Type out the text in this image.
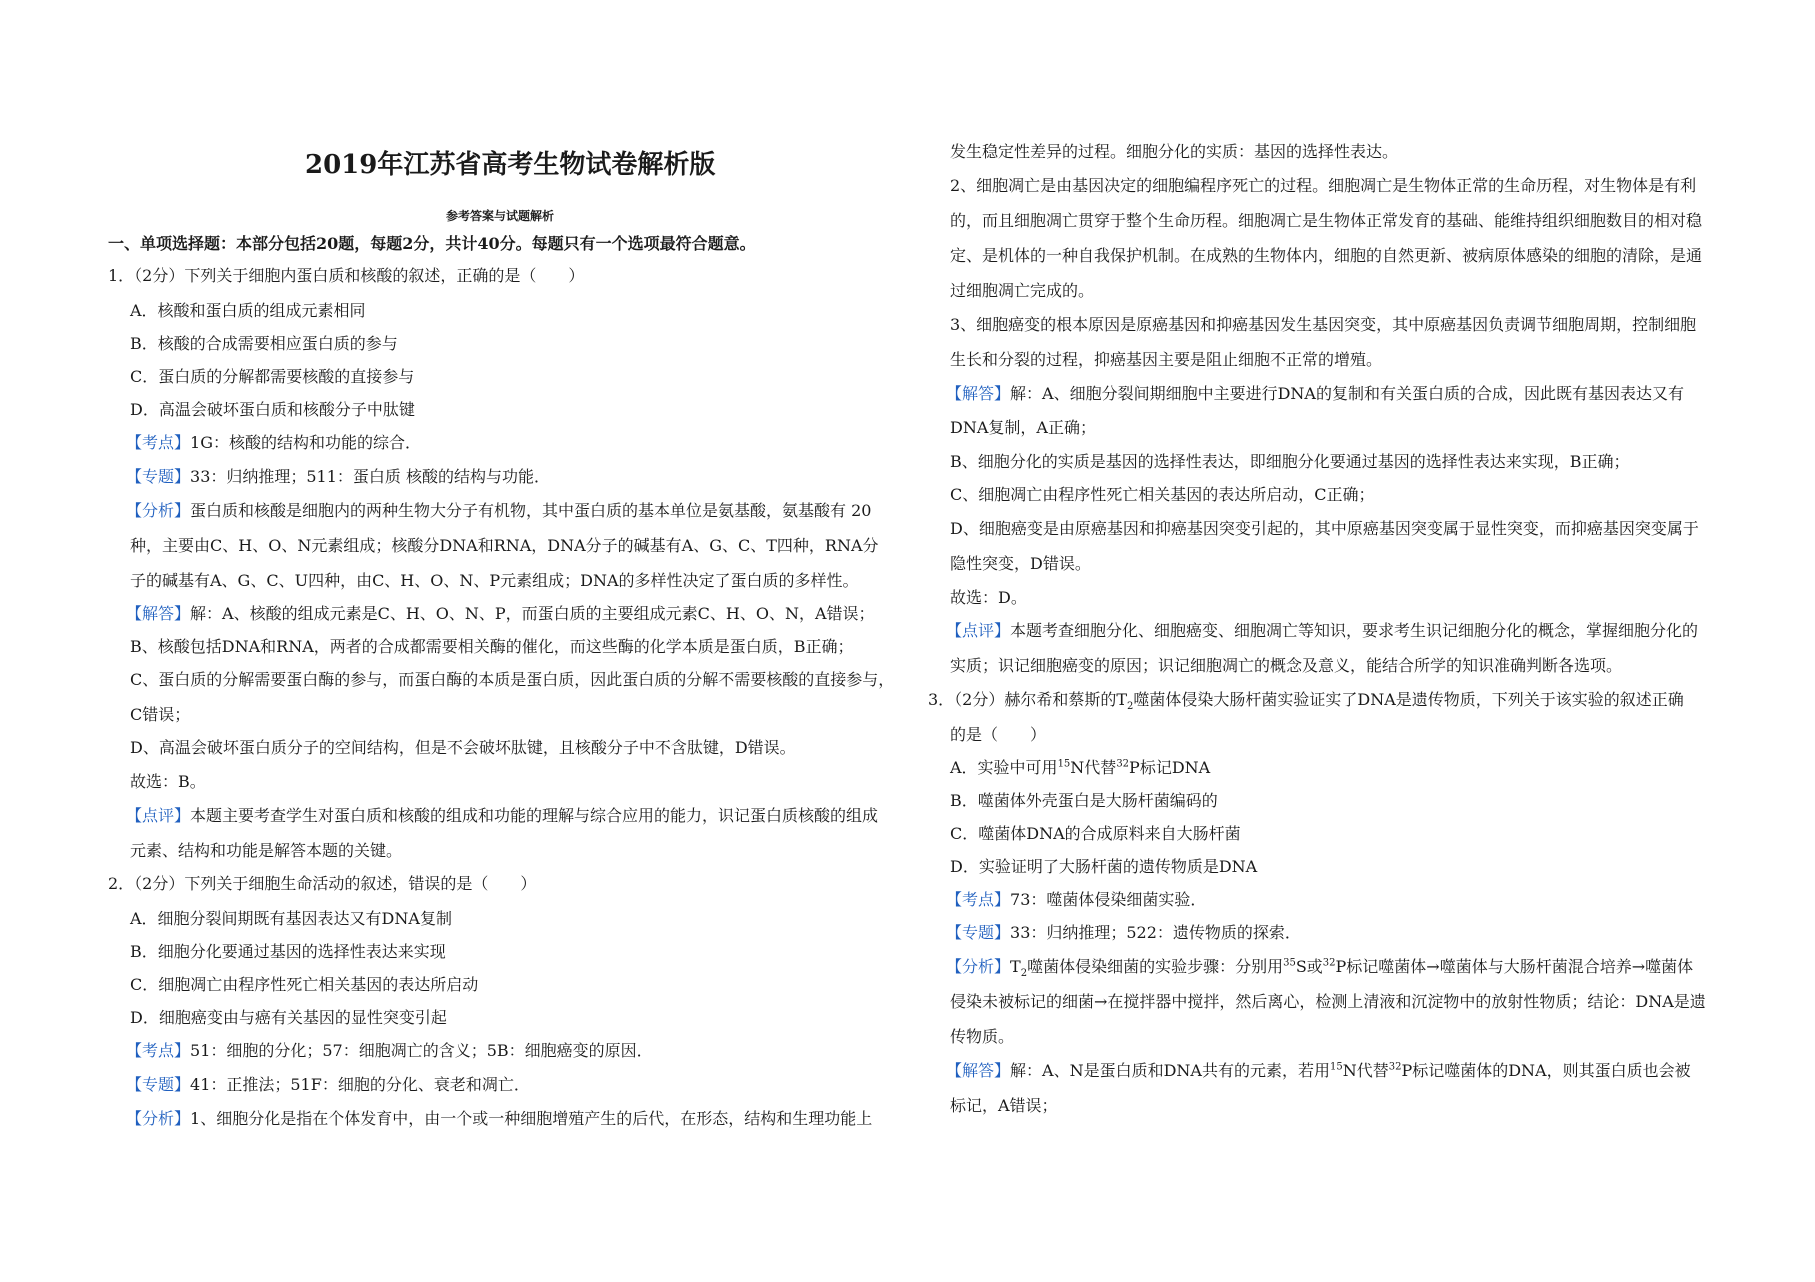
2019年江苏省高考生物试卷解析版
参考答案与试题解析
一、单项选择题：本部分包括20题，每题2分，共计40分。每题只有一个选项最符合题意。
1．（2分）下列关于细胞内蛋白质和核酸的叙述，正确的是（　　）
A．核酸和蛋白质的组成元素相同
B．核酸的合成需要相应蛋白质的参与
C．蛋白质的分解都需要核酸的直接参与
D．高温会破坏蛋白质和核酸分子中肽键
【考点】1G：核酸的结构和功能的综合．
【专题】33：归纳推理；511：蛋白质 核酸的结构与功能．
【分析】蛋白质和核酸是细胞内的两种生物大分子有机物，其中蛋白质的基本单位是氨基酸，氨基酸有 20
种，主要由C、H、O、N元素组成；核酸分DNA和RNA，DNA分子的碱基有A、G、C、T四种，RNA分
子的碱基有A、G、C、U四种，由C、H、O、N、P元素组成；DNA的多样性决定了蛋白质的多样性。
【解答】解：A、核酸的组成元素是C、H、O、N、P，而蛋白质的主要组成元素C、H、O、N，A错误；
B、核酸包括DNA和RNA，两者的合成都需要相关酶的催化，而这些酶的化学本质是蛋白质，B正确；
C、蛋白质的分解需要蛋白酶的参与，而蛋白酶的本质是蛋白质，因此蛋白质的分解不需要核酸的直接参与，
C错误；
D、高温会破坏蛋白质分子的空间结构，但是不会破坏肽键，且核酸分子中不含肽键，D错误。
故选：B。
【点评】本题主要考查学生对蛋白质和核酸的组成和功能的理解与综合应用的能力，识记蛋白质核酸的组成
元素、结构和功能是解答本题的关键。
2．（2分）下列关于细胞生命活动的叙述，错误的是（　　）
A．细胞分裂间期既有基因表达又有DNA复制
B．细胞分化要通过基因的选择性表达来实现
C．细胞凋亡由程序性死亡相关基因的表达所启动
D．细胞癌变由与癌有关基因的显性突变引起
【考点】51：细胞的分化；57：细胞凋亡的含义；5B：细胞癌变的原因．
【专题】41：正推法；51F：细胞的分化、衰老和凋亡．
【分析】1、细胞分化是指在个体发育中，由一个或一种细胞增殖产生的后代，在形态，结构和生理功能上
发生稳定性差异的过程。细胞分化的实质：基因的选择性表达。
2、细胞凋亡是由基因决定的细胞编程序死亡的过程。细胞凋亡是生物体正常的生命历程，对生物体是有利
的，而且细胞凋亡贯穿于整个生命历程。细胞凋亡是生物体正常发育的基础、能维持组织细胞数目的相对稳
定、是机体的一种自我保护机制。在成熟的生物体内，细胞的自然更新、被病原体感染的细胞的清除，是通
过细胞凋亡完成的。
3、细胞癌变的根本原因是原癌基因和抑癌基因发生基因突变，其中原癌基因负责调节细胞周期，控制细胞
生长和分裂的过程，抑癌基因主要是阻止细胞不正常的增殖。
【解答】解：A、细胞分裂间期细胞中主要进行DNA的复制和有关蛋白质的合成，因此既有基因表达又有
DNA复制，A正确；
B、细胞分化的实质是基因的选择性表达，即细胞分化要通过基因的选择性表达来实现，B正确；
C、细胞凋亡由程序性死亡相关基因的表达所启动，C正确；
D、细胞癌变是由原癌基因和抑癌基因突变引起的，其中原癌基因突变属于显性突变，而抑癌基因突变属于
隐性突变，D错误。
故选：D。
【点评】本题考查细胞分化、细胞癌变、细胞凋亡等知识，要求考生识记细胞分化的概念，掌握细胞分化的
实质；识记细胞癌变的原因；识记细胞凋亡的概念及意义，能结合所学的知识准确判断各选项。
3．（2分）赫尔希和蔡斯的$T_2$噬菌体侵染大肠杆菌实验证实了DNA是遗传物质，下列关于该实验的叙述正确
的是（　　）
A．实验中可用$^{15}$N代替$^{32}$P标记DNA
B．噬菌体外壳蛋白是大肠杆菌编码的
C．噬菌体DNA的合成原料来自大肠杆菌
D．实验证明了大肠杆菌的遗传物质是DNA
【考点】73：噬菌体侵染细菌实验．
【专题】33：归纳推理；522：遗传物质的探索．
【分析】$T_2$噬菌体侵染细菌的实验步骤：分别用$^{35}$S或$^{32}$P标记噬菌体→噬菌体与大肠杆菌混合培养→噬菌体
侵染未被标记的细菌→在搅拌器中搅拌，然后离心，检测上清液和沉淀物中的放射性物质；结论：DNA是遗
传物质。
【解答】解：A、N是蛋白质和DNA共有的元素，若用$^{15}$N代替$^{32}$P标记噬菌体的DNA，则其蛋白质也会被
标记，A错误；
